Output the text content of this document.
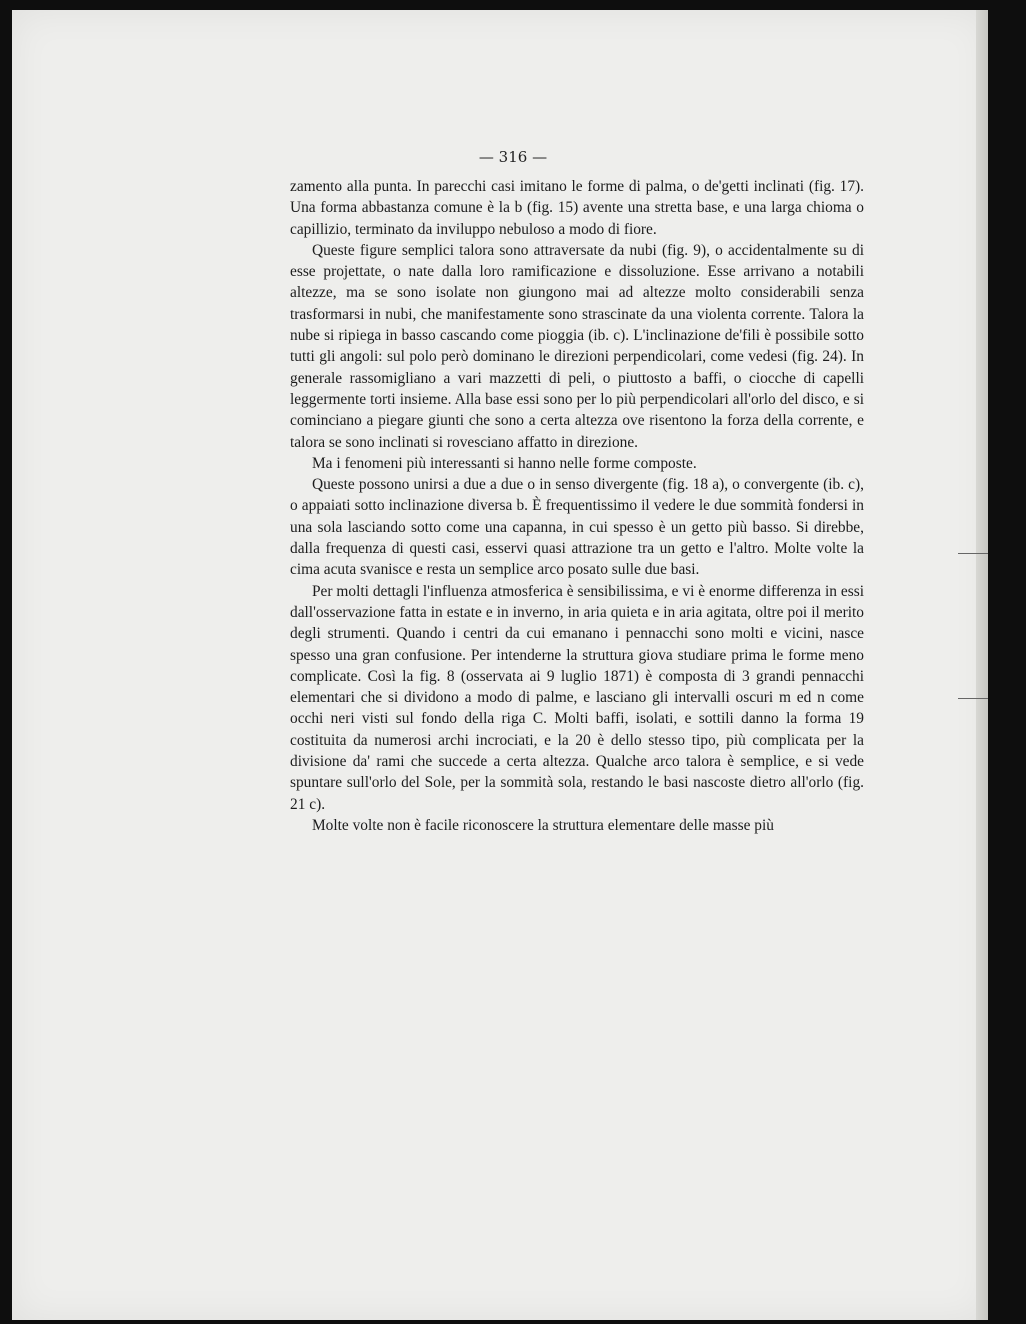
— 316 —

zamento alla punta. In parecchi casi imitano le forme di palma, o de'getti inclinati (fig. 17). Una forma abbastanza comune è la b (fig. 15) avente una stretta base, e una larga chioma o capillizio, terminato da inviluppo nebuloso a modo di fiore.

Queste figure semplici talora sono attraversate da nubi (fig. 9), o accidentalmente su di esse projettate, o nate dalla loro ramificazione e dissoluzione. Esse arrivano a notabili altezze, ma se sono isolate non giungono mai ad altezze molto considerabili senza trasformarsi in nubi, che manifestamente sono strascinate da una violenta corrente. Talora la nube si ripiega in basso cascando come pioggia (ib. c). L'inclinazione de'fili è possibile sotto tutti gli angoli: sul polo però dominano le direzioni perpendicolari, come vedesi (fig. 24). In generale rassomigliano a vari mazzetti di peli, o piuttosto a baffi, o ciocche di capelli leggermente torti insieme. Alla base essi sono per lo più perpendicolari all'orlo del disco, e si cominciano a piegare giunti che sono a certa altezza ove risentono la forza della corrente, e talora se sono inclinati si rovesciano affatto in direzione.

Ma i fenomeni più interessanti si hanno nelle forme composte.

Queste possono unirsi a due a due o in senso divergente (fig. 18 a), o convergente (ib. c), o appaiati sotto inclinazione diversa b. È frequentissimo il vedere le due sommità fondersi in una sola lasciando sotto come una capanna, in cui spesso è un getto più basso. Si direbbe, dalla frequenza di questi casi, esservi quasi attrazione tra un getto e l'altro. Molte volte la cima acuta svanisce e resta un semplice arco posato sulle due basi.

Per molti dettagli l'influenza atmosferica è sensibilissima, e vi è enorme differenza in essi dall'osservazione fatta in estate e in inverno, in aria quieta e in aria agitata, oltre poi il merito degli strumenti. Quando i centri da cui emanano i pennacchi sono molti e vicini, nasce spesso una gran confusione. Per intenderne la struttura giova studiare prima le forme meno complicate. Così la fig. 8 (osservata ai 9 luglio 1871) è composta di 3 grandi pennacchi elementari che si dividono a modo di palme, e lasciano gli intervalli oscuri m ed n come occhi neri visti sul fondo della riga C. Molti baffi, isolati, e sottili danno la forma 19 costituita da numerosi archi incrociati, e la 20 è dello stesso tipo, più complicata per la divisione da' rami che succede a certa altezza. Qualche arco talora è semplice, e si vede spuntare sull'orlo del Sole, per la sommità sola, restando le basi nascoste dietro all'orlo (fig. 21 c).

Molte volte non è facile riconoscere la struttura elementare delle masse più
